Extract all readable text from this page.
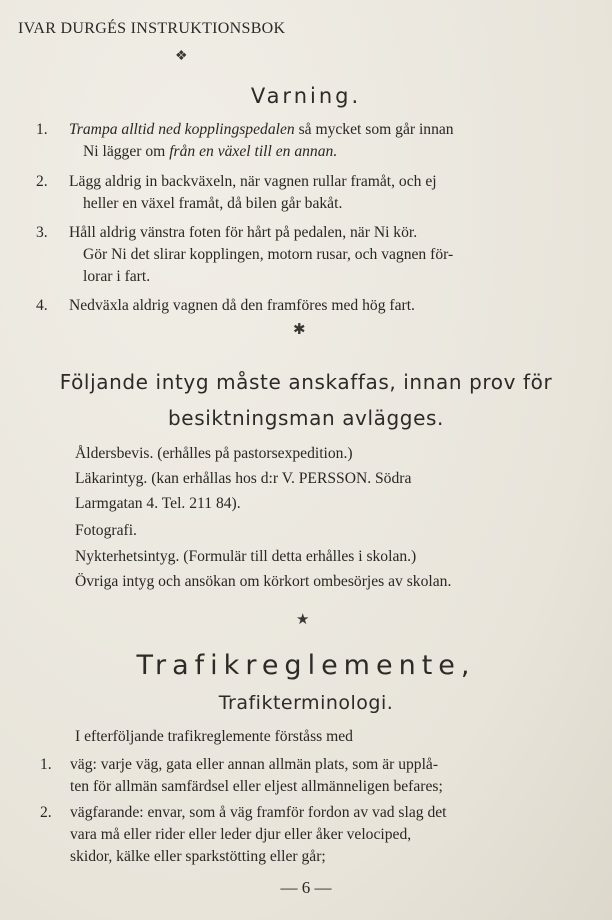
IVAR DURGÉS INSTRUKTIONSBOK
❖
Varning.
1. Trampa alltid ned kopplingspedalen så mycket som går innan
Ni lägger om från en växel till en annan.
2. Lägg aldrig in backväxeln, när vagnen rullar framåt, och ej
heller en växel framåt, då bilen går bakåt.
3. Håll aldrig vänstra foten för hårt på pedalen, när Ni kör.
Gör Ni det slirar kopplingen, motorn rusar, och vagnen för-
lorar i fart.
4. Nedväxla aldrig vagnen då den framföres med hög fart.
✱
Följande intyg måste anskaffas, innan prov för
besiktningsman avlägges.
Åldersbevis. (erhålles på pastorsexpedition.)
Läkarintyg. (kan erhållas hos d:r V. PERSSON. Södra
Larmgatan 4. Tel. 211 84).
Fotografi.
Nykterhetsintyg. (Formulär till detta erhålles i skolan.)
Övriga intyg och ansökan om körkort ombesörjes av skolan.
★
Trafikreglemente,
Trafikterminologi.
I efterföljande trafikreglemente förståss med
1. väg: varje väg, gata eller annan allmän plats, som är upplå-
ten för allmän samfärdsel eller eljest allmänneligen befares;
2. vägfarande: envar, som å väg framför fordon av vad slag det
vara må eller rider eller leder djur eller åker velociped,
skidor, kälke eller sparkstötting eller går;
— 6 —
